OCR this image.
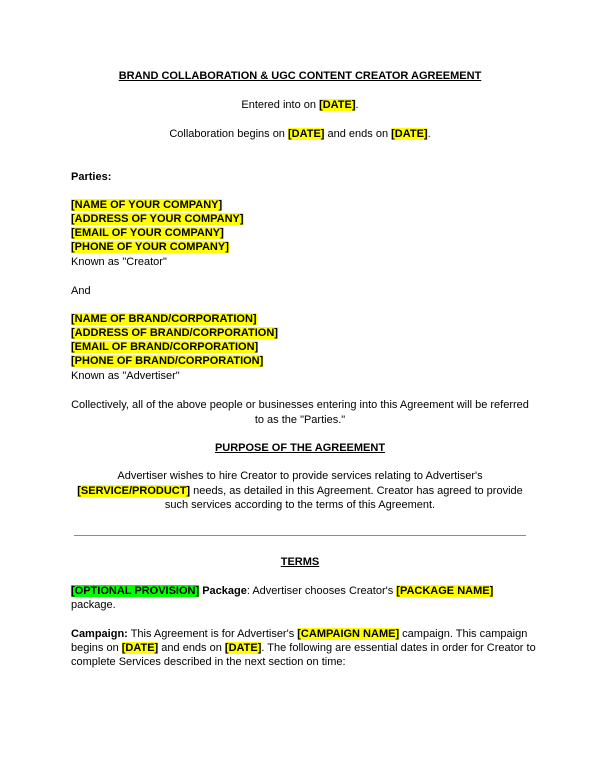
BRAND COLLABORATION & UGC CONTENT CREATOR AGREEMENT
Entered into on [DATE].
Collaboration begins on [DATE] and ends on [DATE].
Parties:
[NAME OF YOUR COMPANY]
[ADDRESS OF YOUR COMPANY]
[EMAIL OF YOUR COMPANY]
[PHONE OF YOUR COMPANY]
Known as "Creator"
And
[NAME OF BRAND/CORPORATION]
[ADDRESS OF BRAND/CORPORATION]
[EMAIL OF BRAND/CORPORATION]
[PHONE OF BRAND/CORPORATION]
Known as "Advertiser"
Collectively, all of the above people or businesses entering into this Agreement will be referred
to as the "Parties."
PURPOSE OF THE AGREEMENT
Advertiser wishes to hire Creator to provide services relating to Advertiser's
[SERVICE/PRODUCT] needs, as detailed in this Agreement. Creator has agreed to provide
such services according to the terms of this Agreement.
TERMS
[OPTIONAL PROVISION] Package: Advertiser chooses Creator's [PACKAGE NAME]
package.
Campaign: This Agreement is for Advertiser's [CAMPAIGN NAME] campaign. This campaign
begins on [DATE] and ends on [DATE]. The following are essential dates in order for Creator to
complete Services described in the next section on time:
